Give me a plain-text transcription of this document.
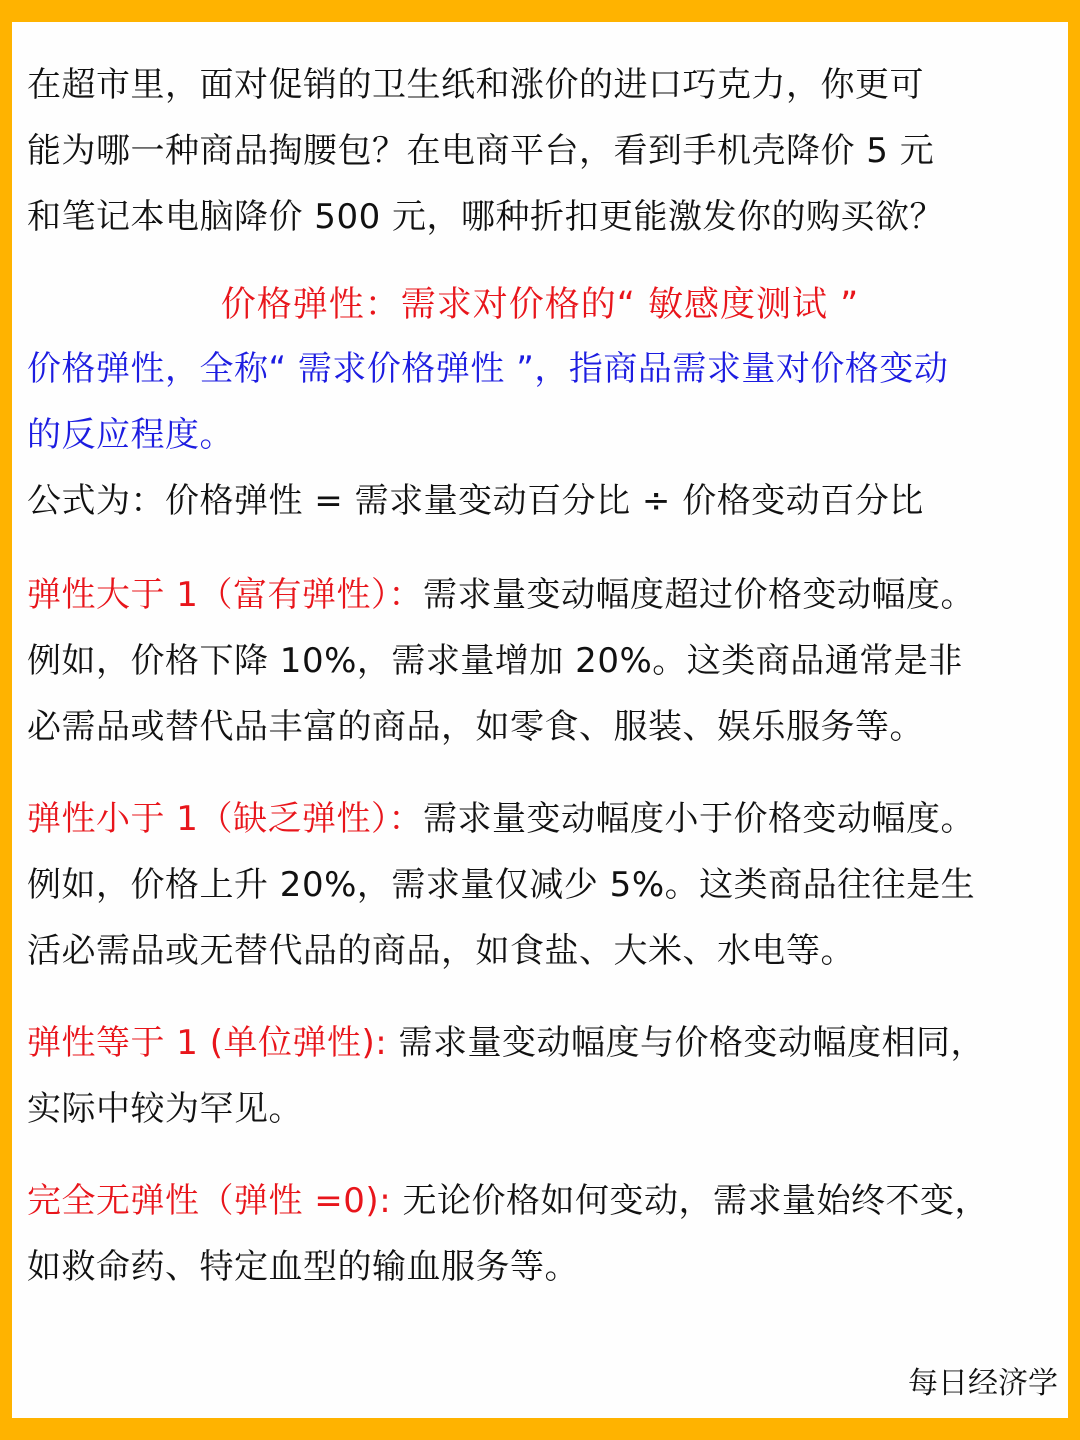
在超市里，面对促销的卫生纸和涨价的进口巧克力，你更可
能为哪一种商品掏腰包？在电商平台，看到手机壳降价 5 元
和笔记本电脑降价 500 元，哪种折扣更能激发你的购买欲？

价格弹性：需求对价格的“ 敏感度测试 ”

价格弹性，全称“ 需求价格弹性 ”，指商品需求量对价格变动
的反应程度。

公式为：价格弹性 = 需求量变动百分比 ÷ 价格变动百分比

弹性大于 1（富有弹性）：需求量变动幅度超过价格变动幅度。
例如，价格下降 10%，需求量增加 20%。这类商品通常是非
必需品或替代品丰富的商品，如零食、服装、娱乐服务等。

弹性小于 1（缺乏弹性）：需求量变动幅度小于价格变动幅度。
例如，价格上升 20%，需求量仅减少 5%。这类商品往往是生
活必需品或无替代品的商品，如食盐、大米、水电等。

弹性等于 1 (单位弹性): 需求量变动幅度与价格变动幅度相同，
实际中较为罕见。

完全无弹性（弹性 =0): 无论价格如何变动，需求量始终不变，
如救命药、特定血型的输血服务等。

每日经济学
